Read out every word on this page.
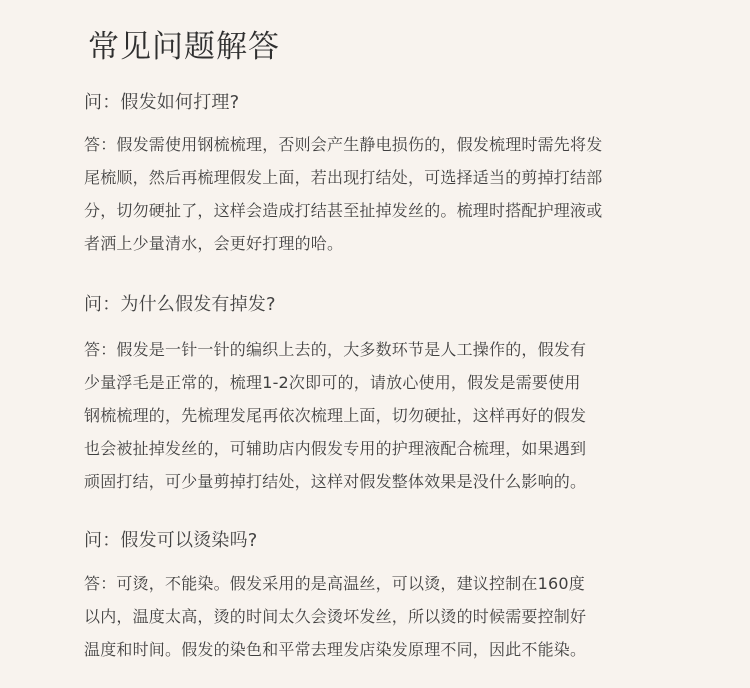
常见问题解答
问：假发如何打理?
答：假发需使用钢梳梳理，否则会产生静电损伤的，假发梳理时需先将发
尾梳顺，然后再梳理假发上面，若出现打结处，可选择适当的剪掉打结部
分，切勿硬扯了，这样会造成打结甚至扯掉发丝的。梳理时搭配护理液或
者洒上少量清水，会更好打理的哈。
问：为什么假发有掉发?
答：假发是一针一针的编织上去的，大多数环节是人工操作的，假发有
少量浮毛是正常的，梳理1-2次即可的，请放心使用，假发是需要使用
钢梳梳理的，先梳理发尾再依次梳理上面，切勿硬扯，这样再好的假发
也会被扯掉发丝的，可辅助店内假发专用的护理液配合梳理，如果遇到
顽固打结，可少量剪掉打结处，这样对假发整体效果是没什么影响的。
问：假发可以烫染吗?
答：可烫，不能染。假发采用的是高温丝，可以烫，建议控制在160度
以内，温度太高，烫的时间太久会烫坏发丝，所以烫的时候需要控制好
温度和时间。假发的染色和平常去理发店染发原理不同，因此不能染。
